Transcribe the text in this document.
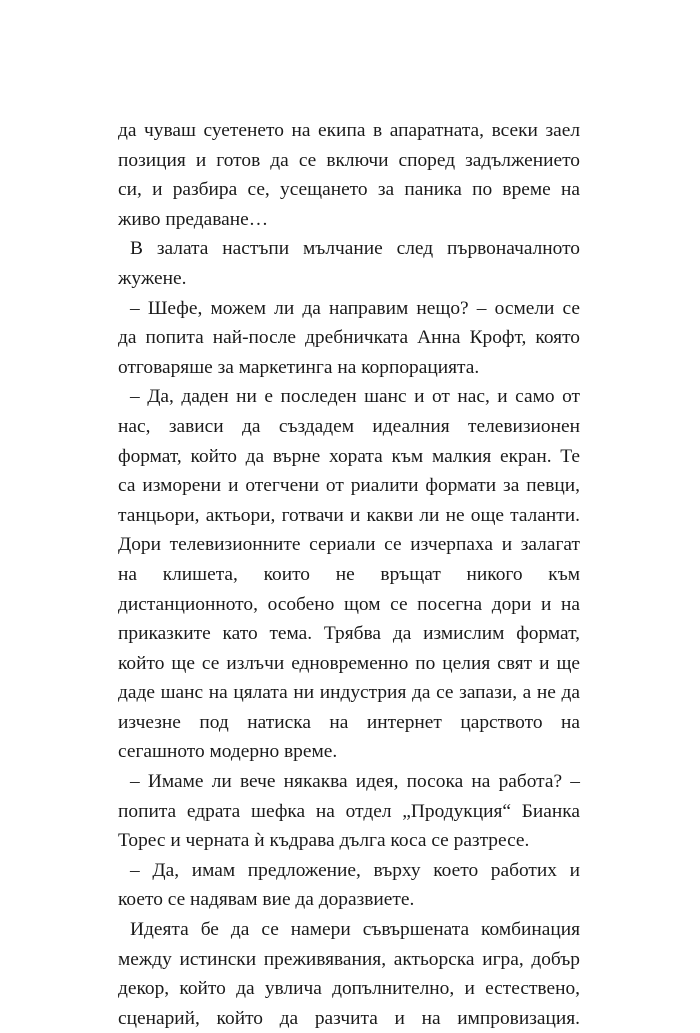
да чуваш суетенето на екипа в апаратната, всеки заел
позиция и готов да се включи според задължението
си, и разбира се, усещането за паника по време на
живо предаване…
В залата настъпи мълчание след първоначалното
жужене.
– Шефе, можем ли да направим нещо? – осмели се
да попита най-после дребничката Анна Крофт, която
отговаряше за маркетинга на корпорацията.
– Да, даден ни е последен шанс и от нас, и само от
нас, зависи да създадем идеалния телевизионен
формат, който да върне хората към малкия екран. Те
са изморени и отегчени от риалити формати за певци,
танцьори, актьори, готвачи и какви ли не още таланти.
Дори телевизионните сериали се изчерпаха и залагат
на клишета, които не връщат никого към
дистанционното, особено щом се посегна дори и на
приказките като тема. Трябва да измислим формат,
който ще се излъчи едновременно по целия свят и ще
даде шанс на цялата ни индустрия да се запази, а не да
изчезне под натиска на интернет царството на
сегашното модерно време.
– Имаме ли вече някаква идея, посока на работа? –
попита едрата шефка на отдел „Продукция“ Бианка
Торес и черната ѝ къдрава дълга коса се разтресе.
– Да, имам предложение, върху което работих и
което се надявам вие да доразвиете.
Идеята бе да се намери съвършената комбинация
между истински преживявания, актьорска игра, добър
декор, който да увлича допълнително, и естествено,
сценарий, който да разчита и на импровизация.
